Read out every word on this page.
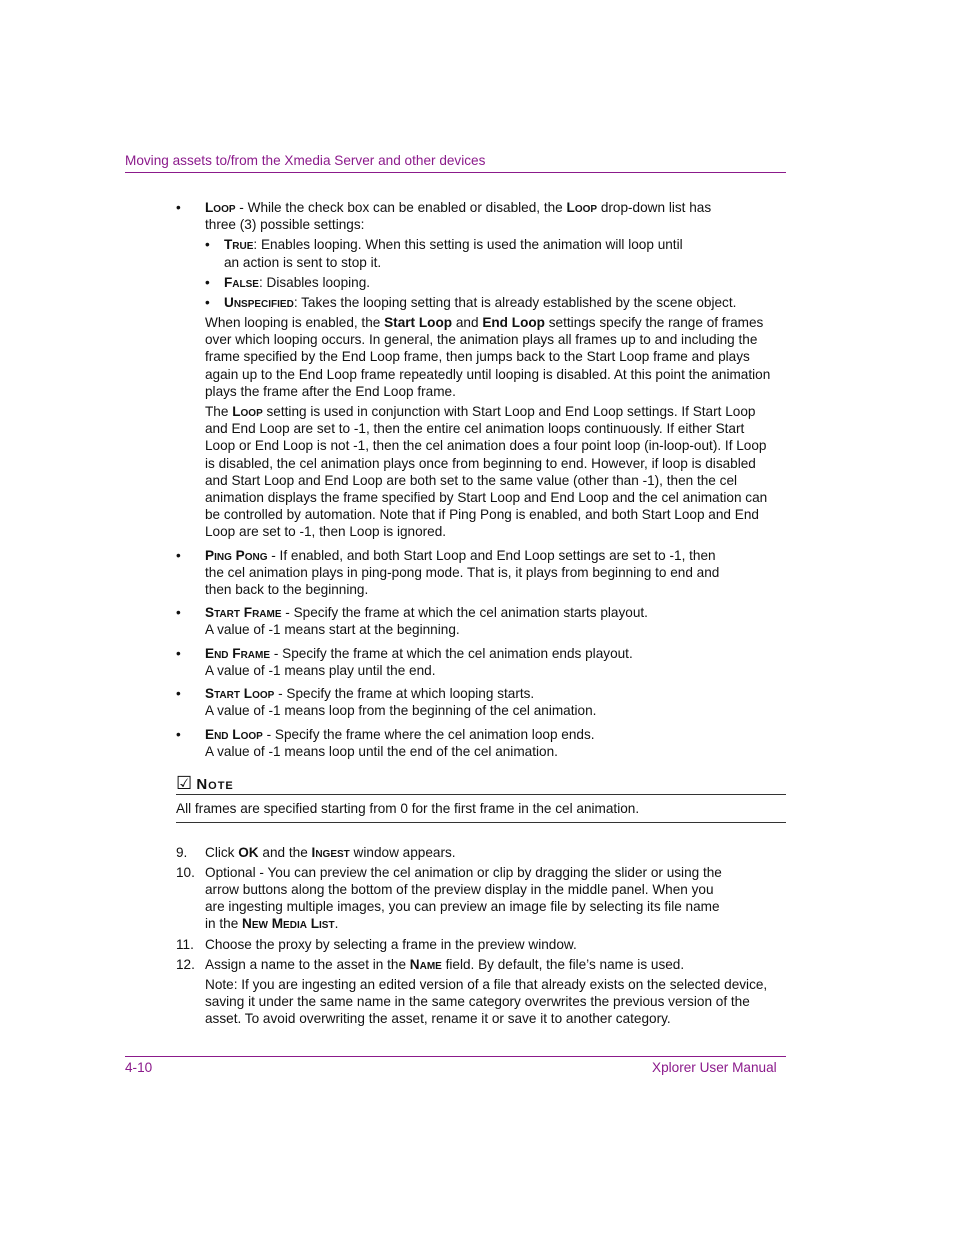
Moving assets to/from the Xmedia Server and other devices
• Loop - While the check box can be enabled or disabled, the Loop drop-down list has
three (3) possible settings:
• True: Enables looping. When this setting is used the animation will loop until
an action is sent to stop it.
• False: Disables looping.
• Unspecified: Takes the looping setting that is already established by the scene object.
When looping is enabled, the Start Loop and End Loop settings specify the range of frames over which looping occurs. In general, the animation plays all frames up to and including the frame specified by the End Loop frame, then jumps back to the Start Loop frame and plays again up to the End Loop frame repeatedly until looping is disabled. At this point the animation plays the frame after the End Loop frame.
The Loop setting is used in conjunction with Start Loop and End Loop settings. If Start Loop and End Loop are set to -1, then the entire cel animation loops continuously. If either Start Loop or End Loop is not -1, then the cel animation does a four point loop (in-loop-out). If Loop is disabled, the cel animation plays once from beginning to end. However, if loop is disabled and Start Loop and End Loop are both set to the same value (other than -1), then the cel animation displays the frame specified by Start Loop and End Loop and the cel animation can be controlled by automation. Note that if Ping Pong is enabled, and both Start Loop and End Loop are set to -1, then Loop is ignored.
• Ping Pong - If enabled, and both Start Loop and End Loop settings are set to -1, then
the cel animation plays in ping-pong mode. That is, it plays from beginning to end and
then back to the beginning.
• Start Frame - Specify the frame at which the cel animation starts playout.
A value of -1 means start at the beginning.
• End Frame - Specify the frame at which the cel animation ends playout.
A value of -1 means play until the end.
• Start Loop - Specify the frame at which looping starts.
A value of -1 means loop from the beginning of the cel animation.
• End Loop - Specify the frame where the cel animation loop ends.
A value of -1 means loop until the end of the cel animation.
☑ Note
All frames are specified starting from 0 for the first frame in the cel animation.
9. Click OK and the Ingest window appears.
10. Optional - You can preview the cel animation or clip by dragging the slider or using the
arrow buttons along the bottom of the preview display in the middle panel. When you
are ingesting multiple images, you can preview an image file by selecting its file name
in the New Media List.
11. Choose the proxy by selecting a frame in the preview window.
12. Assign a name to the asset in the Name field. By default, the file’s name is used.
Note: If you are ingesting an edited version of a file that already exists on the selected device, saving it under the same name in the same category overwrites the previous version of the asset. To avoid overwriting the asset, rename it or save it to another category.
4-10	Xplorer User Manual
